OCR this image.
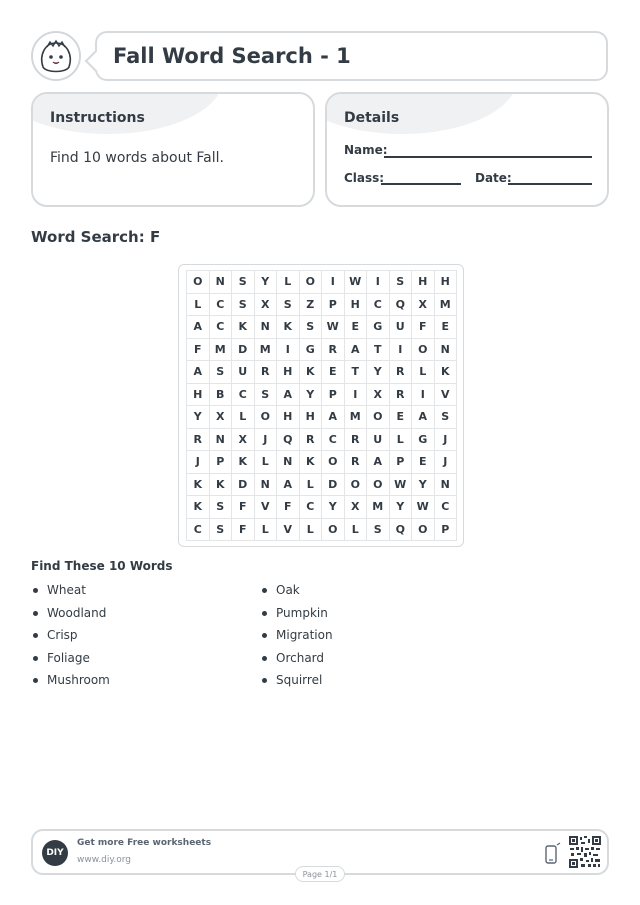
Fall Word Search - 1
Instructions
Find 10 words about Fall.
Details
Name:
Class:	Date:
Word Search: F
O	N	S	Y	L	O	I	W	I	S	H	H
L	C	S	X	S	Z	P	H	C	Q	X	M
A	C	K	N	K	S	W	E	G	U	F	E
F	M	D	M	I	G	R	A	T	I	O	N
A	S	U	R	H	K	E	T	Y	R	L	K
H	B	C	S	A	Y	P	I	X	R	I	V
Y	X	L	O	H	H	A	M	O	E	A	S
R	N	X	J	Q	R	C	R	U	L	G	J
J	P	K	L	N	K	O	R	A	P	E	J
K	K	D	N	A	L	D	O	O	W	Y	N
K	S	F	V	F	C	Y	X	M	Y	W	C
C	S	F	L	V	L	O	L	S	Q	O	P
Find These 10 Words
Wheat
Woodland
Crisp
Foliage
Mushroom
Oak
Pumpkin
Migration
Orchard
Squirrel
DIY
Get more Free worksheets
www.diy.org
Page 1/1
